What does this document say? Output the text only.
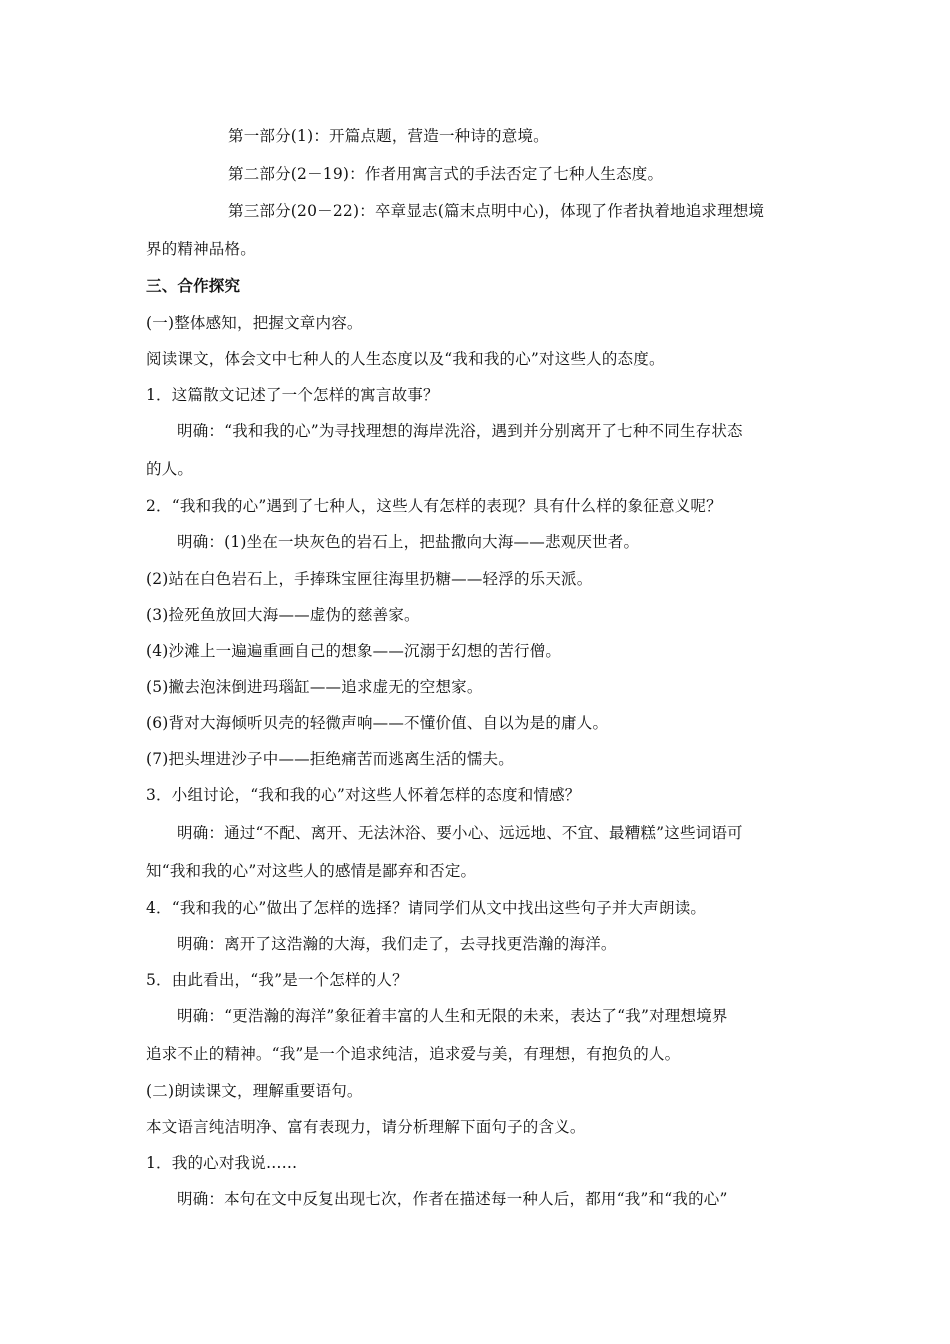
第一部分(1)：开篇点题，营造一种诗的意境。
第二部分(2－19)：作者用寓言式的手法否定了七种人生态度。
第三部分(20－22)：卒章显志(篇末点明中心)，体现了作者执着地追求理想境
界的精神品格。
三、合作探究
(一)整体感知，把握文章内容。
阅读课文，体会文中七种人的人生态度以及“我和我的心”对这些人的态度。
1．这篇散文记述了一个怎样的寓言故事？
明确：“我和我的心”为寻找理想的海岸洗浴，遇到并分别离开了七种不同生存状态
的人。
2．“我和我的心”遇到了七种人，这些人有怎样的表现？具有什么样的象征意义呢？
明确：(1)坐在一块灰色的岩石上，把盐撒向大海——悲观厌世者。
(2)站在白色岩石上，手捧珠宝匣往海里扔糖——轻浮的乐天派。
(3)捡死鱼放回大海——虚伪的慈善家。
(4)沙滩上一遍遍重画自己的想象——沉溺于幻想的苦行僧。
(5)撇去泡沫倒进玛瑙缸——追求虚无的空想家。
(6)背对大海倾听贝壳的轻微声响——不懂价值、自以为是的庸人。
(7)把头埋进沙子中——拒绝痛苦而逃离生活的懦夫。
3．小组讨论，“我和我的心”对这些人怀着怎样的态度和情感？
明确：通过“不配、离开、无法沐浴、要小心、远远地、不宜、最糟糕”这些词语可
知“我和我的心”对这些人的感情是鄙弃和否定。
4．“我和我的心”做出了怎样的选择？请同学们从文中找出这些句子并大声朗读。
明确：离开了这浩瀚的大海，我们走了，去寻找更浩瀚的海洋。
5．由此看出，“我”是一个怎样的人？
明确：“更浩瀚的海洋”象征着丰富的人生和无限的未来，表达了“我”对理想境界
追求不止的精神。“我”是一个追求纯洁，追求爱与美，有理想，有抱负的人。
(二)朗读课文，理解重要语句。
本文语言纯洁明净、富有表现力，请分析理解下面句子的含义。
1．我的心对我说……
明确：本句在文中反复出现七次，作者在描述每一种人后，都用“我”和“我的心”
